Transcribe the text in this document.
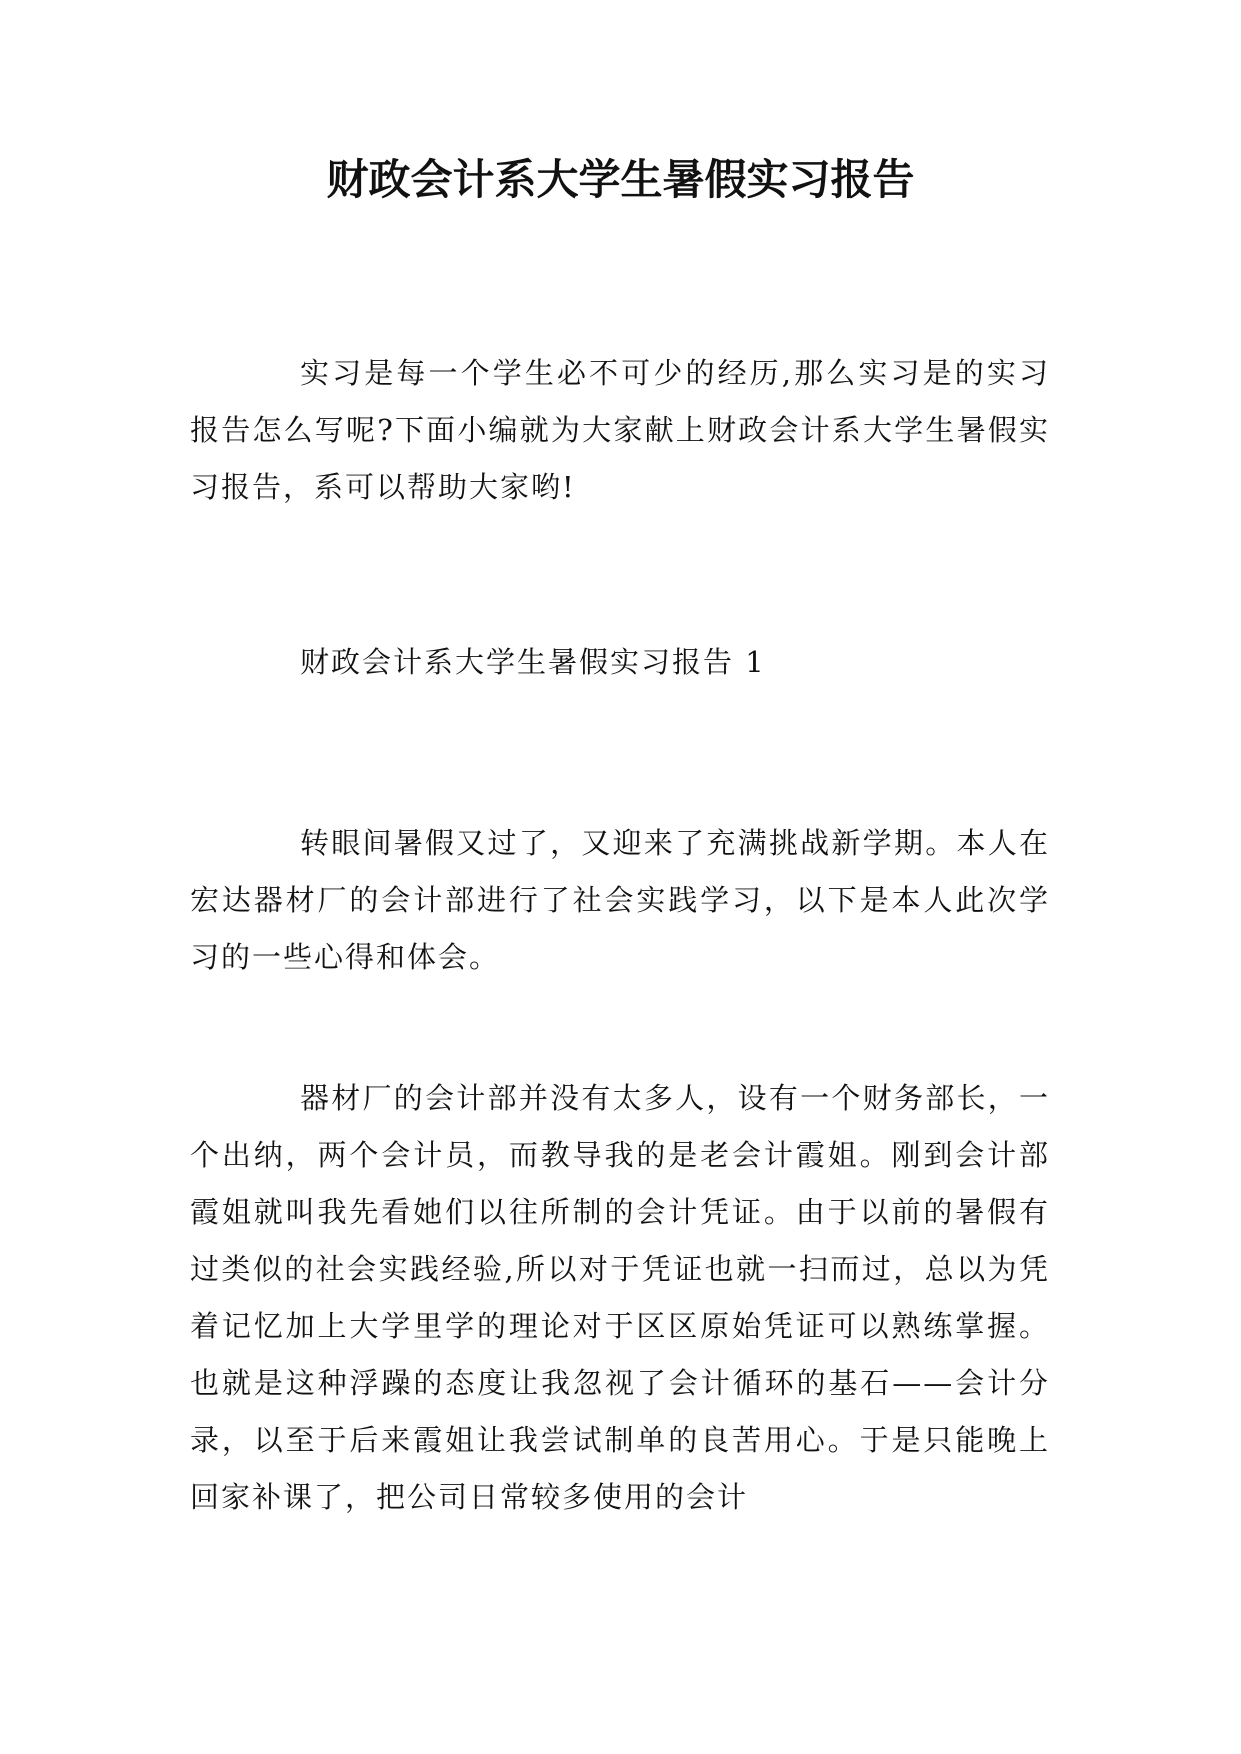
财政会计系大学生暑假实习报告

实习是每一个学生必不可少的经历,那么实习是的实习报告怎么写呢?下面小编就为大家献上财政会计系大学生暑假实习报告，系可以帮助大家哟!

财政会计系大学生暑假实习报告 1

转眼间暑假又过了，又迎来了充满挑战新学期。本人在宏达器材厂的会计部进行了社会实践学习，以下是本人此次学习的一些心得和体会。

器材厂的会计部并没有太多人，设有一个财务部长，一个出纳，两个会计员，而教导我的是老会计霞姐。刚到会计部霞姐就叫我先看她们以往所制的会计凭证。由于以前的暑假有过类似的社会实践经验,所以对于凭证也就一扫而过，总以为凭着记忆加上大学里学的理论对于区区原始凭证可以熟练掌握。也就是这种浮躁的态度让我忽视了会计循环的基石——会计分录，以至于后来霞姐让我尝试制单的良苦用心。于是只能晚上回家补课了，把公司日常较多使用的会计
